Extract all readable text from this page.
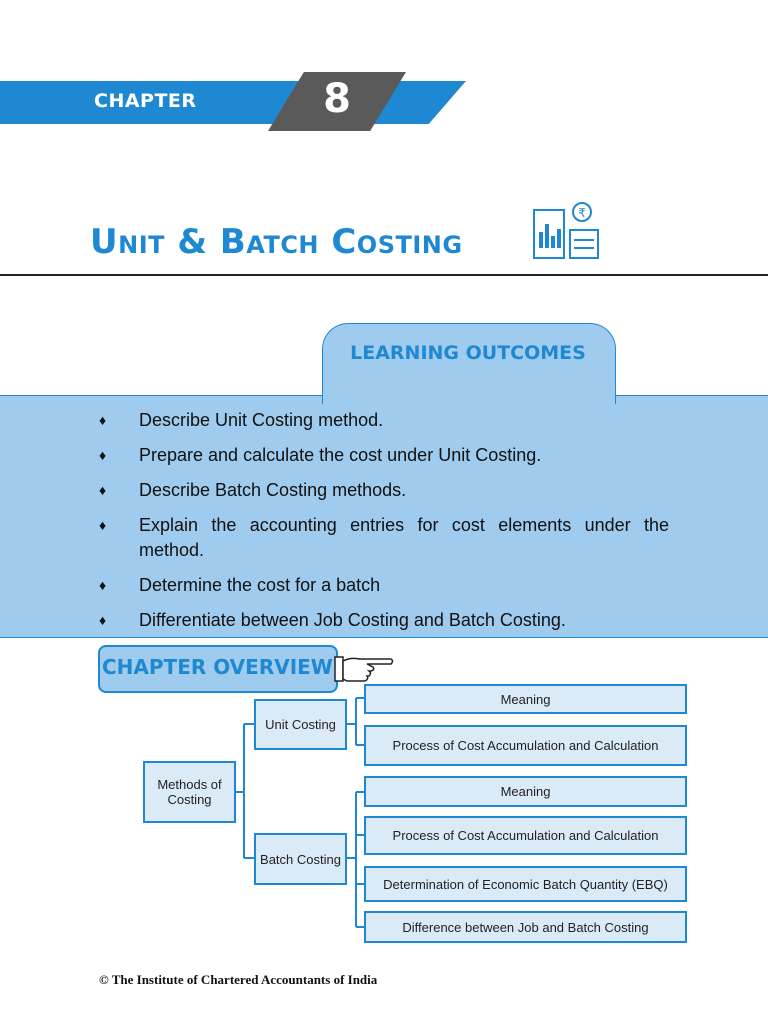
CHAPTER	8
Unit & Batch Costing
₹
LEARNING OUTCOMES
♦ Describe Unit Costing method.
♦ Prepare and calculate the cost under Unit Costing.
♦ Describe Batch Costing methods.
♦ Explain the accounting entries for cost elements under the method.
♦ Determine the cost for a batch
♦ Differentiate between Job Costing and Batch Costing.
CHAPTER OVERVIEW
Methods of Costing
Unit Costing
Batch Costing
Meaning
Process of Cost Accumulation and Calculation
Meaning
Process of Cost Accumulation and Calculation
Determination of Economic Batch Quantity (EBQ)
Difference between Job and Batch Costing
© The Institute of Chartered Accountants of India
